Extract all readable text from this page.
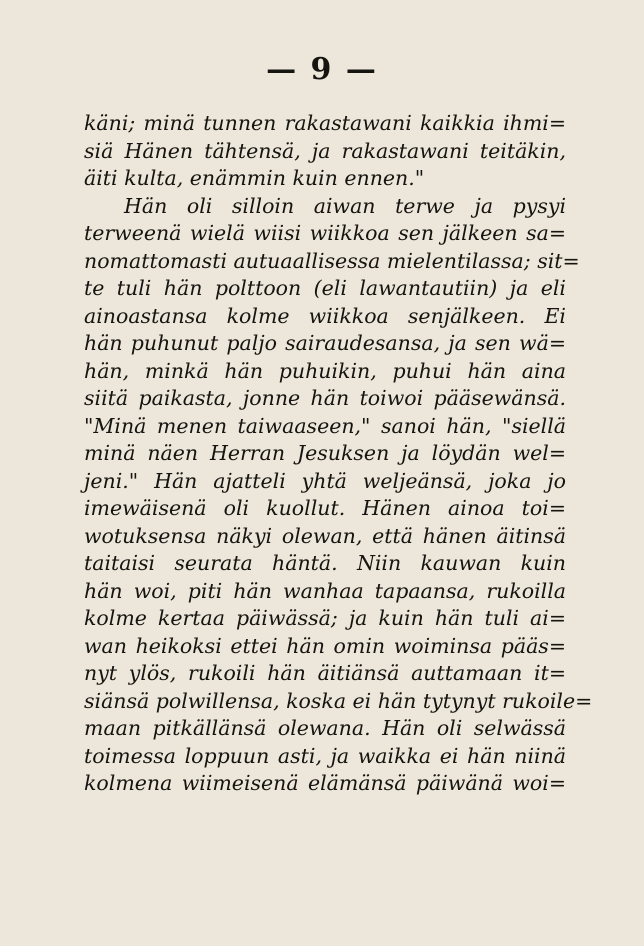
— 9 —
käni; minä tunnen rakastawani kaikkia ihmi=
siä Hänen tähtensä, ja rakastawani teitäkin,
äiti kulta, enämmin kuin ennen."
Hän oli silloin aiwan terwe ja pysyi
terweenä wielä wiisi wiikkoa sen jälkeen sa=
nomattomasti autuaallisessa mielentilassa; sit=
te tuli hän polttoon (eli lawantautiin) ja eli
ainoastansa kolme wiikkoa senjälkeen. Ei
hän puhunut paljo sairaudesansa, ja sen wä=
hän, minkä hän puhuikin, puhui hän aina
siitä paikasta, jonne hän toiwoi pääsewänsä.
"Minä menen taiwaaseen," sanoi hän, "siellä
minä näen Herran Jesuksen ja löydän wel=
jeni." Hän ajatteli yhtä weljeänsä, joka jo
imewäisenä oli kuollut. Hänen ainoa toi=
wotuksensa näkyi olewan, että hänen äitinsä
taitaisi seurata häntä. Niin kauwan kuin
hän woi, piti hän wanhaa tapaansa, rukoilla
kolme kertaa päiwässä; ja kuin hän tuli ai=
wan heikoksi ettei hän omin woiminsa pääs=
nyt ylös, rukoili hän äitiänsä auttamaan it=
siänsä polwillensa, koska ei hän tytynyt rukoile=
maan pitkällänsä olewana. Hän oli selwässä
toimessa loppuun asti, ja waikka ei hän niinä
kolmena wiimeisenä elämänsä päiwänä woi=
